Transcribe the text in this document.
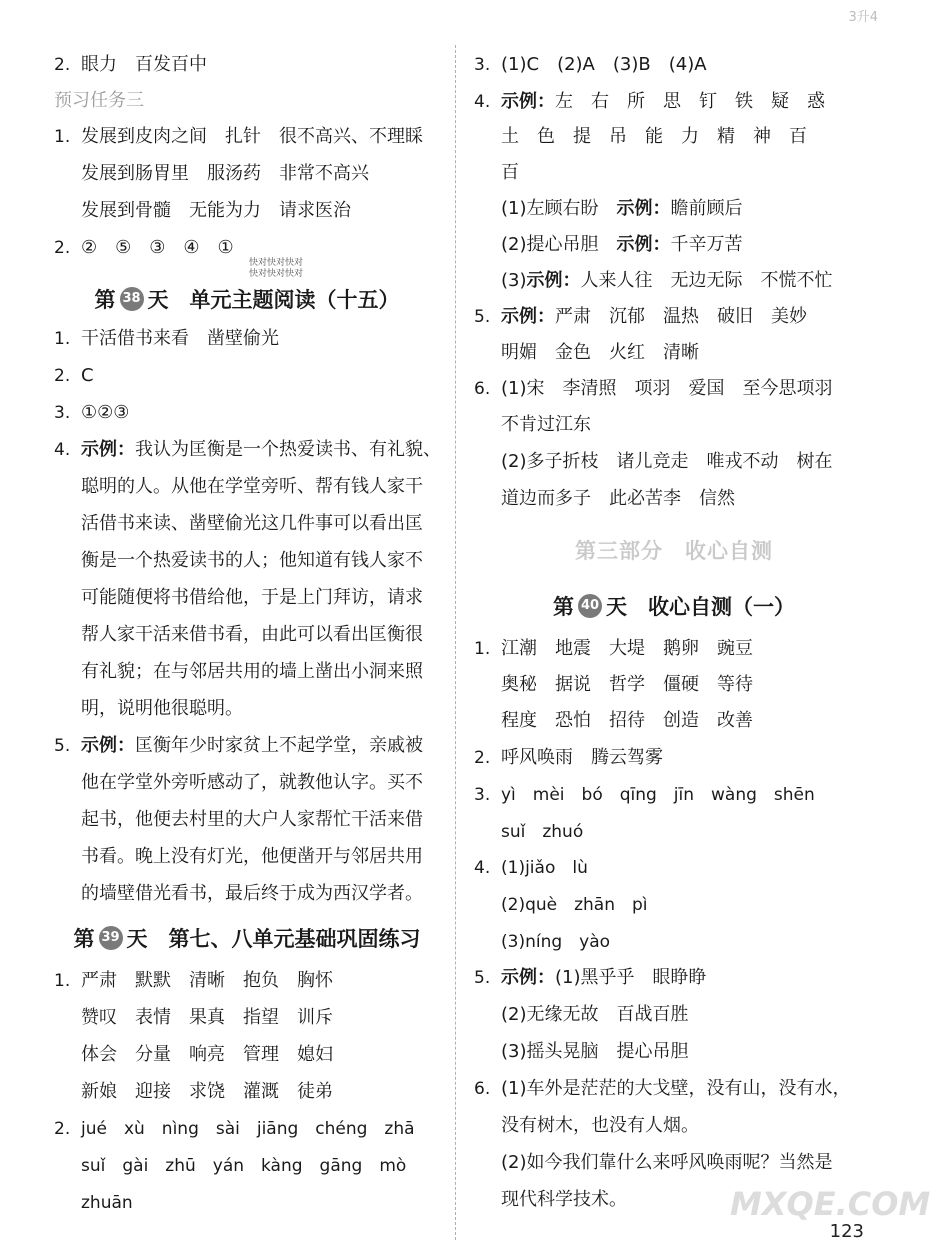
3升4
2. 眼力　百发百中
预习任务三
1. 发展到皮肉之间　扎针　很不高兴、不理睬
发展到肠胃里　服汤药　非常不高兴
发展到骨髓　无能为力　请求医治
2. ②　⑤　③　④　①
快对快对快对
快对快对快对
第 38 天　 单元主题阅读（十五）
1. 干活借书来看　凿壁偷光
2. C
3. ①②③
4. 示例：我认为匡衡是一个热爱读书、有礼貌、
聪明的人。从他在学堂旁听、帮有钱人家干
活借书来读、凿壁偷光这几件事可以看出匡
衡是一个热爱读书的人；他知道有钱人家不
可能随便将书借给他，于是上门拜访，请求
帮人家干活来借书看，由此可以看出匡衡很
有礼貌；在与邻居共用的墙上凿出小洞来照
明，说明他很聪明。
5. 示例：匡衡年少时家贫上不起学堂，亲戚被
他在学堂外旁听感动了，就教他认字。买不
起书，他便去村里的大户人家帮忙干活来借
书看。晚上没有灯光，他便凿开与邻居共用
的墙壁借光看书，最后终于成为西汉学者。
第 39 天　 第七、八单元基础巩固练习
1. 严肃　默默　清晰　抱负　胸怀
赞叹　表情　果真　指望　训斥
体会　分量　响亮　管理　媳妇
新娘　迎接　求饶　灌溉　徒弟
2. jué　xù　nìng　sài　jiāng　chéng　zhā
suǐ　gài　zhū　yán　kàng　gāng　mò
zhuān
3. (1)C　(2)A　(3)B　(4)A
4. 示例：左　右　所　思　钉　铁　疑　惑
土　色　提　吊　能　力　精　神　百
百
(1)左顾右盼　示例：瞻前顾后
(2)提心吊胆　示例：千辛万苦
(3)示例：人来人往　无边无际　不慌不忙
5. 示例：严肃　沉郁　温热　破旧　美妙
明媚　金色　火红　清晰
6. (1)宋　李清照　项羽　爱国　至今思项羽
不肯过江东
(2)多子折枝　诸儿竞走　唯戎不动　树在
道边而多子　此必苦李　信然
第三部分　收心自测
第 40 天　 收心自测（一）
1. 江潮　地震　大堤　鹅卵　豌豆
奥秘　据说　哲学　僵硬　等待
程度　恐怕　招待　创造　改善
2. 呼风唤雨　腾云驾雾
3. yì　mèi　bó　qīng　jīn　wàng　shēn
suǐ　zhuó
4. (1)jiǎo　lù
(2)què　zhān　pì
(3)níng　yào
5. 示例：(1)黑乎乎　眼睁睁
(2)无缘无故　百战百胜
(3)摇头晃脑　提心吊胆
6. (1)车外是茫茫的大戈壁，没有山，没有水，
没有树木，也没有人烟。
(2)如今我们靠什么来呼风唤雨呢？当然是
现代科学技术。	MXQE.COM
123
